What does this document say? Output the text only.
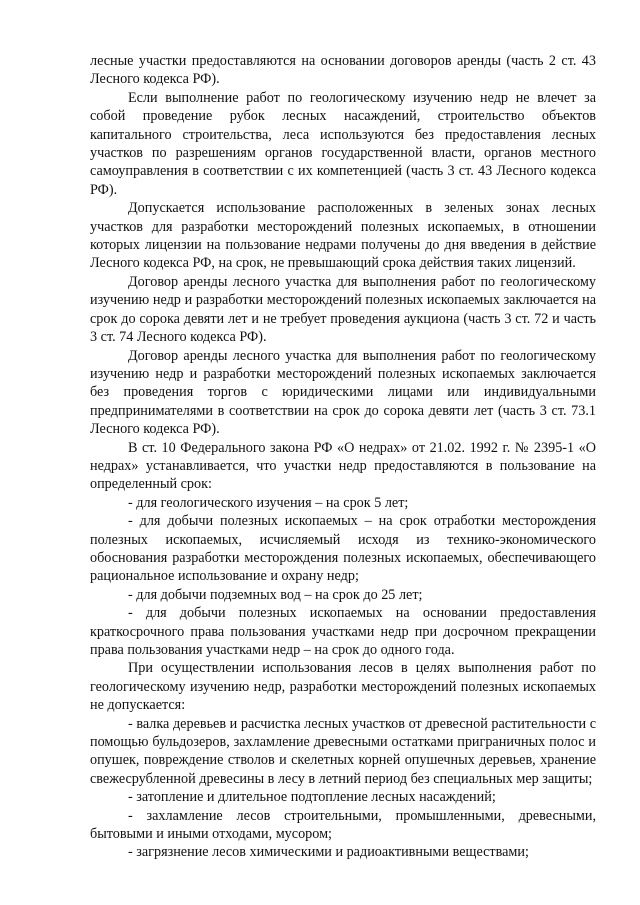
лесные участки предоставляются на основании договоров аренды (часть 2 ст. 43 Лесного кодекса РФ).

Если выполнение работ по геологическому изучению недр не влечет за собой проведение рубок лесных насаждений, строительство объектов капитального строительства, леса используются без предоставления лесных участков по разрешениям органов государственной власти, органов местного самоуправления в соответствии с их компетенцией (часть 3 ст. 43 Лесного кодекса РФ).

Допускается использование расположенных в зеленых зонах лесных участков для разработки месторождений полезных ископаемых, в отношении которых лицензии на пользование недрами получены до дня введения в действие Лесного кодекса РФ, на срок, не превышающий срока действия таких лицензий.

Договор аренды лесного участка для выполнения работ по геологическому изучению недр и разработки месторождений полезных ископаемых заключается на срок до сорока девяти лет и не требует проведения аукциона (часть 3 ст. 72 и часть 3 ст. 74 Лесного кодекса РФ).

Договор аренды лесного участка для выполнения работ по геологическому изучению недр и разработки месторождений полезных ископаемых заключается без проведения торгов с юридическими лицами или индивидуальными предпринимателями в соответствии на срок до сорока девяти лет (часть 3 ст. 73.1 Лесного кодекса РФ).

В ст. 10 Федерального закона РФ «О недрах» от 21.02. 1992 г. № 2395-1 «О недрах» устанавливается, что участки недр предоставляются в пользование на определенный срок:

- для геологического изучения – на срок 5 лет;

- для добычи полезных ископаемых – на срок отработки месторождения полезных ископаемых, исчисляемый исходя из технико-экономического обоснования разработки месторождения полезных ископаемых, обеспечивающего рациональное использование и охрану недр;

- для добычи подземных вод – на срок до 25 лет;

- для добычи полезных ископаемых на основании предоставления краткосрочного права пользования участками недр при досрочном прекращении права пользования участками недр – на срок до одного года.

При осуществлении использования лесов в целях выполнения работ по геологическому изучению недр, разработки месторождений полезных ископаемых не допускается:

- валка деревьев и расчистка лесных участков от древесной растительности с помощью бульдозеров, захламление древесными остатками приграничных полос и опушек, повреждение стволов и скелетных корней опушечных деревьев, хранение свежесрубленной древесины в лесу в летний период без специальных мер защиты;

- затопление и длительное подтопление лесных насаждений;

- захламление лесов строительными, промышленными, древесными, бытовыми и иными отходами, мусором;

- загрязнение лесов химическими и радиоактивными веществами;
